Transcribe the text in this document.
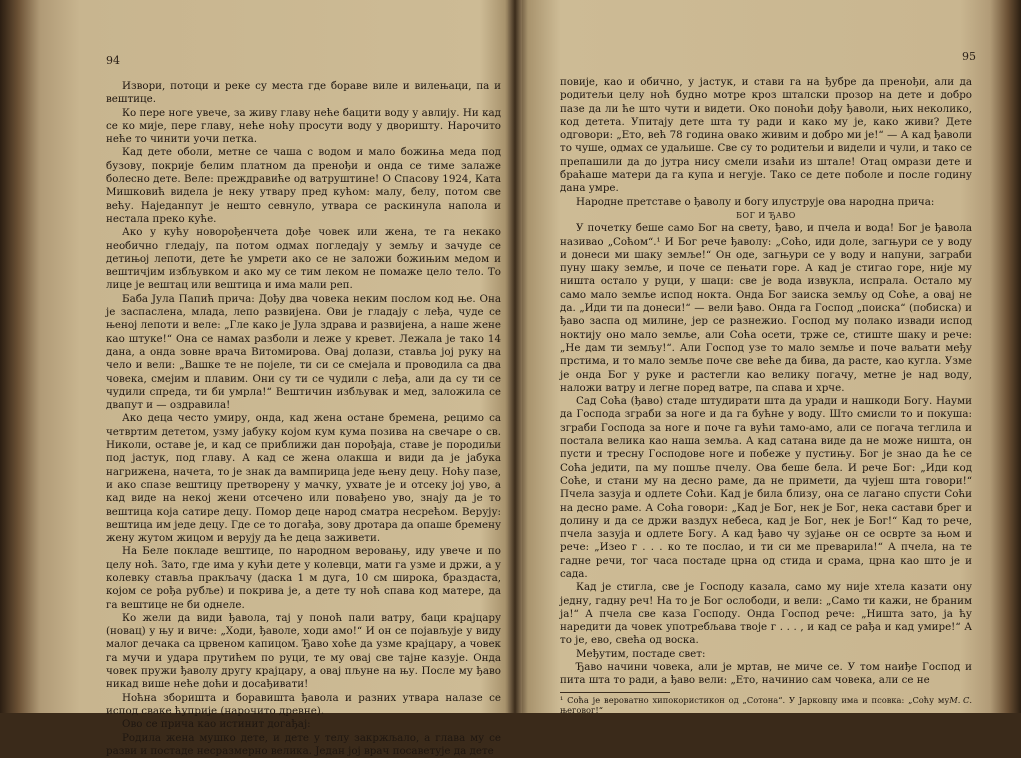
94

Извори, потоци и реке су места где боравe виле и вилењаци, па и вештице.

Ко пере ноге увече, за живу главу неће бацити воду у авлију. Ни кад се ко мије, пере главу, неће ноћу просути воду у дворишту. Нарочито неће то чинити уочи петка.

Кад дете оболи, метне се чаша с водом и мало божиња меда под бузову, покрије белим платном да пренођи и онда се тиме залаже болесно дете. Веле: преждравиће од ватруштине! О Спасову 1924, Ката Мишковић видела је неку утвару пред кућом: малу, белу, потом све већу. Наједанпут је нешто севнуло, утвара се раскинула напола и нестала преко куће.

Ако у кућу новорођенчета дође човек или жена, те га некако необично гледају, па потом одмах погледају у земљу и зачуде се детињој лепоти, дете ће умрети ако се не заложи божињим медом и вештичјим избљувком и ако му се тим леком не помаже цело тело. То лице је вештац или вештица и има мали реп.

Баба Јула Папић прича: Дођу два човека неким послом код ње. Она је заспаслена, млада, лепо развијена. Ови је гладају с леђа, чуде се њеној лепоти и веле: „Гле како је Јула здрава и развијена, а наше жене као штуке!“ Она се намах разболи и леже у кревет. Лежала је тако 14 дана, а онда зовне врача Витомирова. Овај долази, ставља јој руку на чело и вели: „Вашке те не појеле, ти си се смејала и проводила са два човека, смејим и плавим. Они су ти се чудили с леђа, али да су ти се чудили спреда, ти би умрла!“ Вештичин избљувак и мед, заложила се двапут и — оздравила!

Ако деца често умиру, онда, кад жена остане бремена, рецимо са четвртим дететом, узму јабуку којом кум кума позива на свечаре о св. Николи, оставе је, и кад се приближи дан порођаја, ставе је породиљи под јастук, под главу. А кад се жена олакша и види да је јабука нагрижена, начета, то је знак да вампирица једе њену децу. Ноћу пазе, и ако спазе вештицу претворену у мачку, ухвате је и отсеку јој уво, а кад виде на некој жени отсечено или повађено уво, знају да је то вештица која сатире децу. Помор деце народ сматра несрећом. Верују: вештица им једе децу. Где се то догађа, зову дротара да опаше бремену жену жутом жицом и верују да ће деца заживети.

На Беле покладе вештице, по народном веровању, иду увече и по целу ноћ. Зато, где има у кући дете у колевци, мати га узме и држи, а у колевку ставља пракљачу (даска 1 м дуга, 10 см широка, браздаста, којом се рођа рубље) и покрива је, а дете ту ноћ спава код матере, да га вештице не би однеле.

Ко жели да види ђавола, тај у поноћ пали ватру, баци крајцару (новац) у њу и виче: „Ходи, ђаволе, ходи амо!“ И он се појављује у виду малог дечака са црвеном капицом. Ђаво хоће да узме крајцару, а човек га мучи и удара прутићем по руци, те му овај све тајне казује. Онда човек пружи ђаволу другу крајцару, а овај пљуне на њу. После му ђаво никад више неће доћи и досађивати!

Ноћна зборишта и боравишта ђавола и разних утвара налазе се испод сваке ћуприје (нарочито древне).

Ово се прича као истинит догађај:

Родила жена мушко дете, и дете у телу закржљало, а глава му се разви и постаде несразмерно велика. Један јој врач посаветује да дете

95

повије, као и обично, у јастук, и стави га на ђубре да пренођи, али да родитељи целу ноћ будно мотре кроз шталски прозор на дете и добро пазе да ли ће што чути и видети. Око поноћи дођу ђаволи, њих неколико, код детета. Упитају дете шта ту ради и како му је, како живи? Дете одговори: „Ето, већ 78 година овако живим и добро ми је!“ — А кад ђаволи то чуше, одмах се удаљише. Све су то родитељи и видели и чули, и тако се препашили да до јутра нису смели изаћи из штале! Отац омрази дете и браћаше матери да га купа и негује. Тако се дете поболе и после годину дана умре.

Народне претставе о ђаволу и богу илуструје ова народна прича:

БОГ И ЂАВО

У почетку беше само Бог на свету, ђаво, и пчела и вода! Бог је ђавола називао „Соћом“.¹ И Бог рече ђаволу: „Соћо, иди доле, загњури се у воду и донеси ми шаку земље!“ Он оде, загњури се у воду и напуни, заграби пуну шаку земље, и поче се пењати горе. А кад је стигао горе, није му ништа остало у руци, у шаци: све је вода извукла, испрала. Остало му само мало земље испод нокта. Онда Бог заиска земљу од Соће, а овај не да. „Иди ти па донеси!“ — вели ђаво. Онда га Господ „поиска“ (побиска) и ђаво заспа од милине, јер се разнежио. Господ му полако извади испод ноктију оно мало земље, али Соћа осети, тржe се, стиште шаку и рече: „Не дам ти земљу!“. Али Господ узе то мало земље и поче ваљати међу прстима, и то мало земље поче све веће да бива, да расте, као кугла. Узме је онда Бог у руке и растегли као велику погачу, метне је над воду, наложи ватру и легне поред ватре, па спава и хрче.

Сад Соћа (ђаво) стаде штудирати шта да уради и нашкоди Богу. Науми да Господа зграби за ноге и да га бућне у воду. Што смисли то и покуша: зграби Господа за ноге и поче га вући тамо-амо, али се погача теглила и постала велика као наша земља. А кад сатана виде да не може ништа, он пусти и тресну Господове ноге и побеже у пустињу. Бог је знао да ће се Соћа једити, па му пошље пчелу. Ова беше бела. И рече Бог: „Иди код Соће, и стани му на десно раме, да не примети, да чујеш шта говори!“ Пчела зазуја и одлете Соћи. Кад је била близу, она се лагано спусти Соћи на десно раме. А Соћа говори: „Кад је Бог, нек је Бог, нека састави брег и долину и да се држи ваздух небеса, кад је Бог, нек је Бог!“ Кад то рече, пчела зазуја и одлете Богу. А кад ђаво чу зујање он се осврте за њом и рече: „Изео г . . . ко те послао, и ти си ме преварила!“ А пчела, на те гадне речи, тог часа постаде црна од стида и срама, црна као што је и сада.

Кад је стигла, све је Господу казала, само му није хтела казати ону једну, гадну реч! На то је Бог ослободи, и вели: „Само ти кажи, не браним ја!“ А пчела све каза Господу. Онда Господ рече: „Ништа зато, ја ћу наредити да човек употребљава твоје г . . . , и кад се рађа и кад умире!“ А то је, ево, свећа од воска.

Међутим, постаде свет:

Ђаво начини човека, али је мртав, не миче се. У том наиђе Господ и пита шта то ради, а ђаво вели: „Ето, начинио сам човека, али се не

М. С.
¹ Соћа је вероватно хипокористикон од „Сотона“. У Јарковцу има и псовка: „Соћу му његовог!“
